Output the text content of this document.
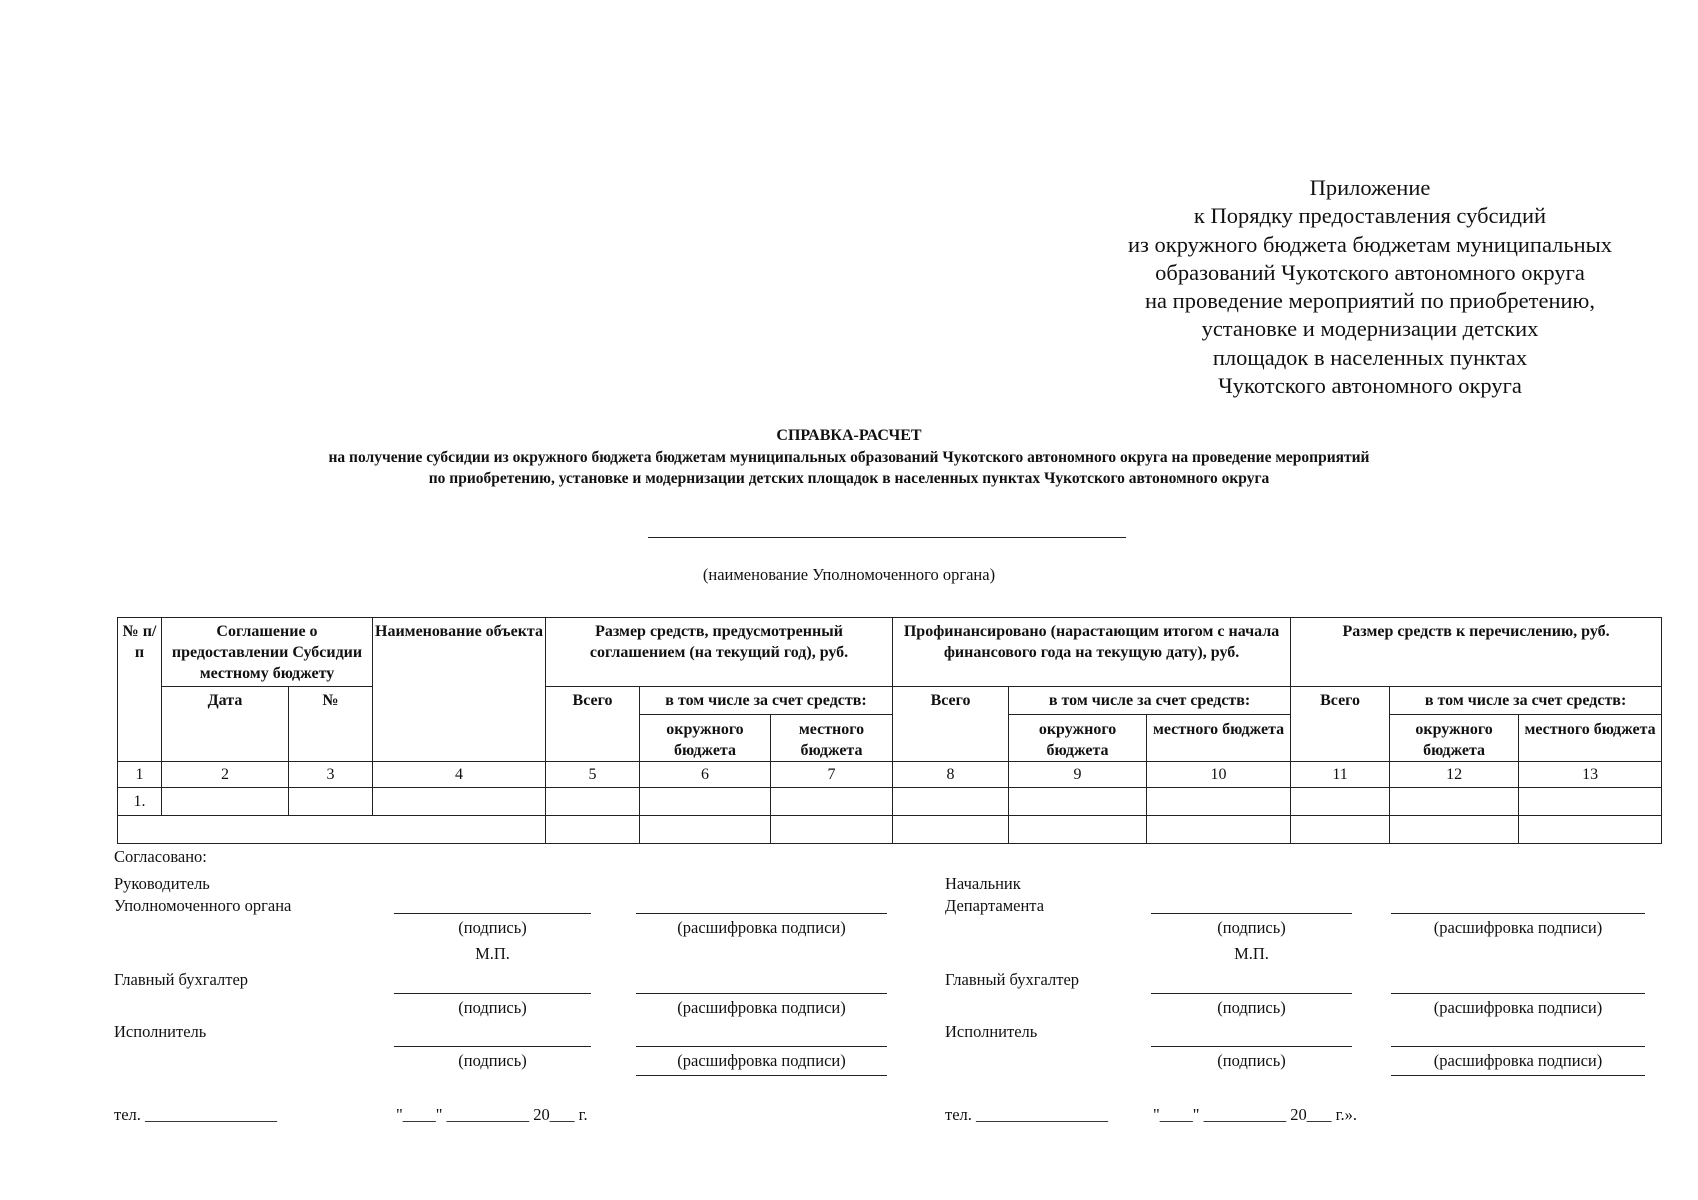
Приложение
к Порядку предоставления субсидий
из окружного бюджета бюджетам муниципальных
образований Чукотского автономного округа
на проведение мероприятий по приобретению,
установке и модернизации детских
площадок в населенных пунктах
Чукотского автономного округа
СПРАВКА-РАСЧЕТ
на получение субсидии из окружного бюджета бюджетам муниципальных образований Чукотского автономного округа на проведение мероприятий
по приобретению, установке и модернизации детских площадок в населенных пунктах Чукотского автономного округа
(наименование Уполномоченного органа)
№ п/п	Соглашение о предоставлении Субсидии местному бюджету		Наименование объекта	Размер средств, предусмотренный соглашением (на текущий год), руб.			Профинансировано (нарастающим итогом с начала финансового года на текущую дату), руб.			Размер средств к перечислению, руб.		
	Дата	№		Всего	в том числе за счет средств:		Всего	в том числе за счет средств:		Всего	в том числе за счет средств:	
					окружного бюджета	местного бюджета		окружного бюджета	местного бюджета		окружного бюджета	местного бюджета
1	2	3	4	5	6	7	8	9	10	11	12	13
1.												

Согласовано:
Руководитель
Уполномоченного органа
(подпись)	(расшифровка подписи)
М.П.
Главный бухгалтер
(подпись)	(расшифровка подписи)
Исполнитель
(подпись)	(расшифровка подписи)
тел. ________________	"____" __________ 20___ г.
Начальник
Департамента
(подпись)	(расшифровка подписи)
М.П.
Главный бухгалтер
(подпись)	(расшифровка подписи)
Исполнитель
(подпись)	(расшифровка подписи)
тел. ________________	"____" __________ 20___ г.».
